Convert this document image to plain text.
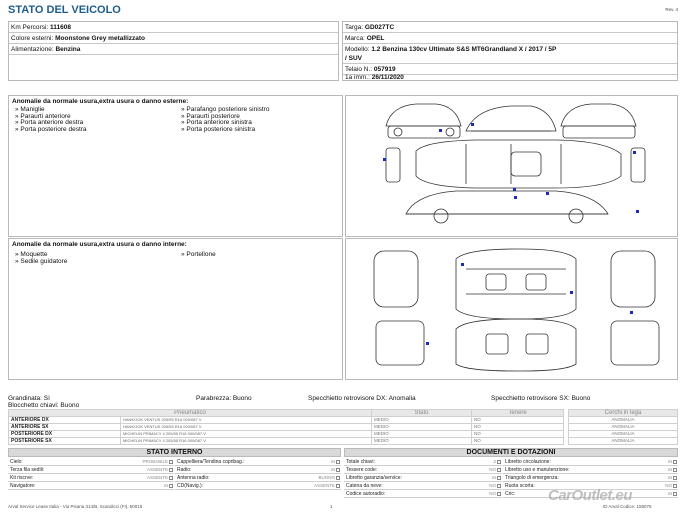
STATO DEL VEICOLO	Rev. 4
Km Percorsi: 111608
Colore esterni: Moonstone Grey metallizzato
Alimentazione: Benzina
Targa: GD027TC
Marca: OPEL
Modello: 1.2 Benzina 130cv Ultimate S&S MT6Grandland X / 2017 / 5P
/ SUV
Telaio N.: 057919
1a imm.: 26/11/2020
Anomalie da normale usura,extra usura o danno esterne:
» Maniglie
» Paraurti anteriore
» Porta anteriore destra
» Porta posteriore destra
» Parafango posteriore sinistro
» Paraurti posteriore
» Porta anteriore sinistra
» Porta posteriore sinistra
Anomalie da normale usura,extra usura o danno interne:
» Moquette
» Sedile guidatore
» Portellone
Grandinata: Sì	Parabrezza: Buono	Specchietto retrovisore DX: Anomalia	Specchietto retrovisore SX: Buono
Blocchetto chiavi: Buono
Pneumatico		Stato	Tenere
ANTERIORE DX	HANKOOK VENTUS 205/55 R16 000/087 V	MEDIO	NO
ANTERIORE SX	HANKOOK VENTUS 205/55 R16 000/087 V	MEDIO	NO
POSTERIORE DX	MICHELIN PRIMACY 4 205/55 R16 000/087 V	MEDIO	NO
POSTERIORE SX	MICHELIN PRIMACY 4 205/55 R16 000/087 V	MEDIO	NO
Cerchi in lega
ANOMALIA
ANOMALIA
ANOMALIA
ANOMALIA
STATO INTERNO
Cielo:	PROBABILE
Terza fila sedili:	ASSENTE
Kit riscrve:	ASSENTE
Navigatore:	SI
Cappelliera/Tendina copribag.:	SI
Radio:	SI
Antenna radio:	BUONO
CD(Navig.):	ASSENTE
DOCUMENTI E DOTAZIONI
Totale chiavi:	2
Tessere code:	NO
Libretto garanzia/service:	SI
Catena da neve:	NO
Codice autoradio:	NO
Libretto circolazione:	SI
Libretto uso e manutenzione:	SI
Triangolo di emergenza:	SI
Ruota scorta:	NO
Cric:	SI
Arval Service Lease Italia - Via Pisana 314/B, Scandicci (FI), 50018	1	ID Arval Codice: 158076
CarOutlet.eu
